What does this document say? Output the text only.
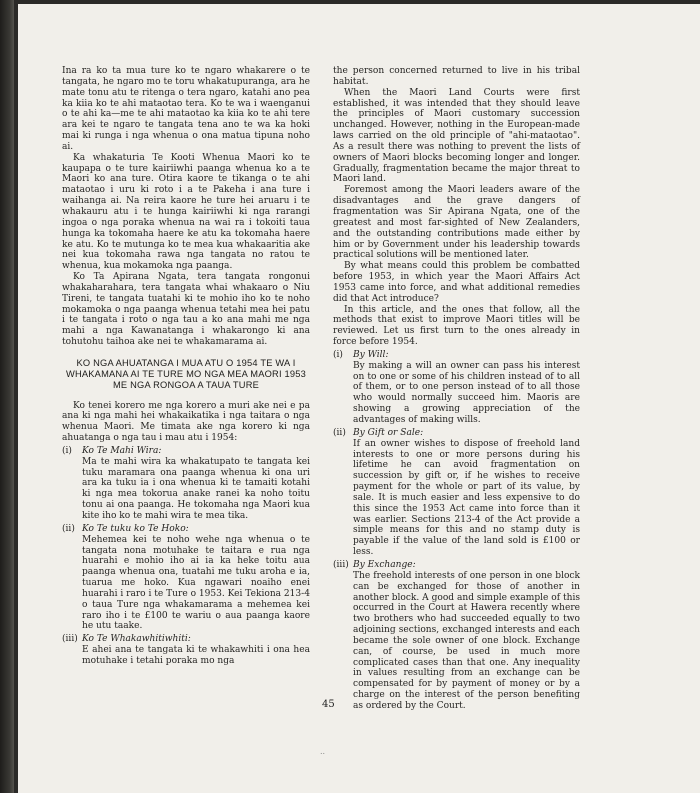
Ina ra ko ta mua ture ko te ngaro whakarere o te tangata, he ngaro mo te toru whakatupuranga, ara he mate tonu atu te ritenga o tera ngaro, katahi ano pea ka kiia ko te ahi mataotao tera. Ko te wa i waenganui o te ahi ka—me te ahi mataotao ka kiia ko te ahi tere ara kei te ngaro te tangata tena ano te wa ka hoki mai ki runga i nga whenua o ona matua tipuna noho ai.

Ka whakaturia Te Kooti Whenua Maori ko te kaupapa o te ture kairiiwhi paanga whenua ko a te Maori ko ana ture. Otira kaore te tikanga o te ahi mataotao i uru ki roto i a te Pakeha i ana ture i waihanga ai. Na reira kaore he ture hei aruaru i te whakauru atu i te hunga kairiiwhi ki nga rarangi ingoa o nga poraka whenua na wai ra i tokoiti taua hunga ka tokomaha haere ke atu ka tokomaha haere ke atu. Ko te mutunga ko te mea kua whakaaritia ake nei kua tokomaha rawa nga tangata no ratou te whenua, kua mokamoka nga paanga.

Ko Ta Apirana Ngata, tera tangata rongonui whakaharahara, tera tangata whai whakaaro o Niu Tireni, te tangata tuatahi ki te mohio iho ko te noho mokamoka o nga paanga whenua tetahi mea hei patu i te tangata i roto o nga tau a ko ana mahi me nga mahi a nga Kawanatanga i whakarongo ki ana tohutohu taihoa ake nei te whakamarama ai.

KO NGA AHUATANGA I MUA ATU O 1954 TE WA I WHAKAMANA AI TE TURE MO NGA MEA MAORI 1953 ME NGA RONGOA A TAUA TURE

Ko tenei korero me nga korero a muri ake nei e pa ana ki nga mahi hei whakaikatika i nga taitara o nga whenua Maori. Me timata ake nga korero ki nga ahuatanga o nga tau i mau atu i 1954:

(i)	Ko Te Mahi Wira:
Ma te mahi wira ka whakatupato te tangata kei tuku maramara ona paanga whenua ki ona uri ara ka tuku ia i ona whenua ki te tamaiti kotahi ki nga mea tokorua anake ranei ka noho toitu tonu ai ona paanga. He tokomaha nga Maori kua kite iho ko te mahi wira te mea tika.
(ii) Ko Te tuku ko Te Hoko:
Mehemea kei te noho wehe nga whenua o te tangata nona motuhake te taitara e rua nga huarahi e mohio iho ai ia ka heke toitu aua paanga whenua ona, tuatahi me tuku aroha e ia, tuarua me hoko. Kua ngawari noaiho enei huarahi i raro i te Ture o 1953. Kei Tekiona 213-4 o taua Ture nga whakamarama a mehemea kei raro iho i te £100 te wariu o aua paanga kaore he utu taake.
(iii) Ko Te Whakawhitiwhiti:
E ahei ana te tangata ki te whakawhiti i ona hea motuhake i tetahi poraka mo nga

the person concerned returned to live in his tribal habitat.

When the Maori Land Courts were first established, it was intended that they should leave the principles of Maori customary succession unchanged. However, nothing in the European-made laws carried on the old principle of "ahi-mataotao". As a result there was nothing to prevent the lists of owners of Maori blocks becoming longer and longer. Gradually, fragmentation became the major threat to Maori land.

Foremost among the Maori leaders aware of the disadvantages and the grave dangers of fragmentation was Sir Apirana Ngata, one of the greatest and most far-sighted of New Zealanders, and the outstanding contributions made either by him or by Government under his leadership towards practical solutions will be mentioned later.

By what means could this problem be combatted before 1953, in which year the Maori Affairs Act 1953 came into force, and what additional remedies did that Act introduce?

In this article, and the ones that follow, all the methods that exist to improve Maori titles will be reviewed. Let us first turn to the ones already in force before 1954.

(i)	By Will:
By making a will an owner can pass his interest on to one or some of his children instead of to all of them, or to one person instead of to all those who would normally succeed him. Maoris are showing a growing appreciation of the advantages of making wills.
(ii) By Gift or Sale:
If an owner wishes to dispose of freehold land interests to one or more persons during his lifetime he can avoid fragmentation on succession by gift or, if he wishes to receive payment for the whole or part of its value, by sale. It is much easier and less expensive to do this since the 1953 Act came into force than it was earlier. Sections 213-4 of the Act provide a simple means for this and no stamp duty is payable if the value of the land sold is £100 or less.
(iii) By Exchange:
The freehold interests of one person in one block can be exchanged for those of another in another block. A good and simple example of this occurred in the Court at Hawera recently where two brothers who had succeeded equally to two adjoining sections, exchanged interests and each became the sole owner of one block. Exchange can, of course, be used in much more complicated cases than that one. Any inequality in values resulting from an exchange can be compensated for by payment of money or by a charge on the interest of the person benefiting as ordered by the Court.
45
..
